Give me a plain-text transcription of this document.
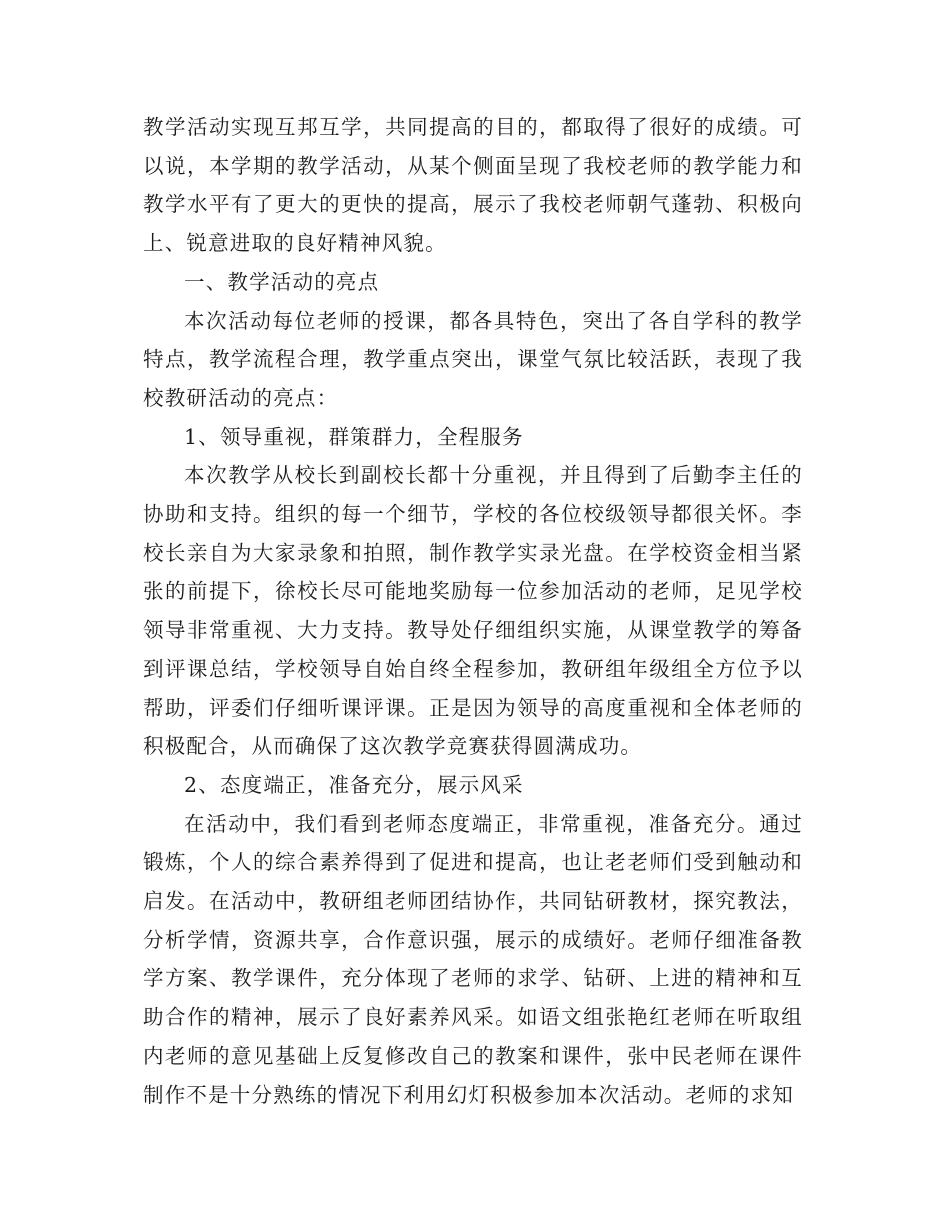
教学活动实现互邦互学，共同提高的目的，都取得了很好的成绩。可以说，本学期的教学活动，从某个侧面呈现了我校老师的教学能力和教学水平有了更大的更快的提高，展示了我校老师朝气蓬勃、积极向上、锐意进取的良好精神风貌。

一、教学活动的亮点

本次活动每位老师的授课，都各具特色，突出了各自学科的教学特点，教学流程合理，教学重点突出，课堂气氛比较活跃，表现了我校教研活动的亮点：

1、领导重视，群策群力，全程服务

本次教学从校长到副校长都十分重视，并且得到了后勤李主任的协助和支持。组织的每一个细节，学校的各位校级领导都很关怀。李校长亲自为大家录象和拍照，制作教学实录光盘。在学校资金相当紧张的前提下，徐校长尽可能地奖励每一位参加活动的老师，足见学校领导非常重视、大力支持。教导处仔细组织实施，从课堂教学的筹备到评课总结，学校领导自始自终全程参加，教研组年级组全方位予以帮助，评委们仔细听课评课。正是因为领导的高度重视和全体老师的积极配合，从而确保了这次教学竞赛获得圆满成功。

2、态度端正，准备充分，展示风采

在活动中，我们看到老师态度端正，非常重视，准备充分。通过锻炼，个人的综合素养得到了促进和提高，也让老老师们受到触动和启发。在活动中，教研组老师团结协作，共同钻研教材，探究教法，分析学情，资源共享，合作意识强，展示的成绩好。老师仔细准备教学方案、教学课件，充分体现了老师的求学、钻研、上进的精神和互助合作的精神，展示了良好素养风采。如语文组张艳红老师在听取组内老师的意见基础上反复修改自己的教案和课件，张中民老师在课件制作不是十分熟练的情况下利用幻灯积极参加本次活动。老师的求知
